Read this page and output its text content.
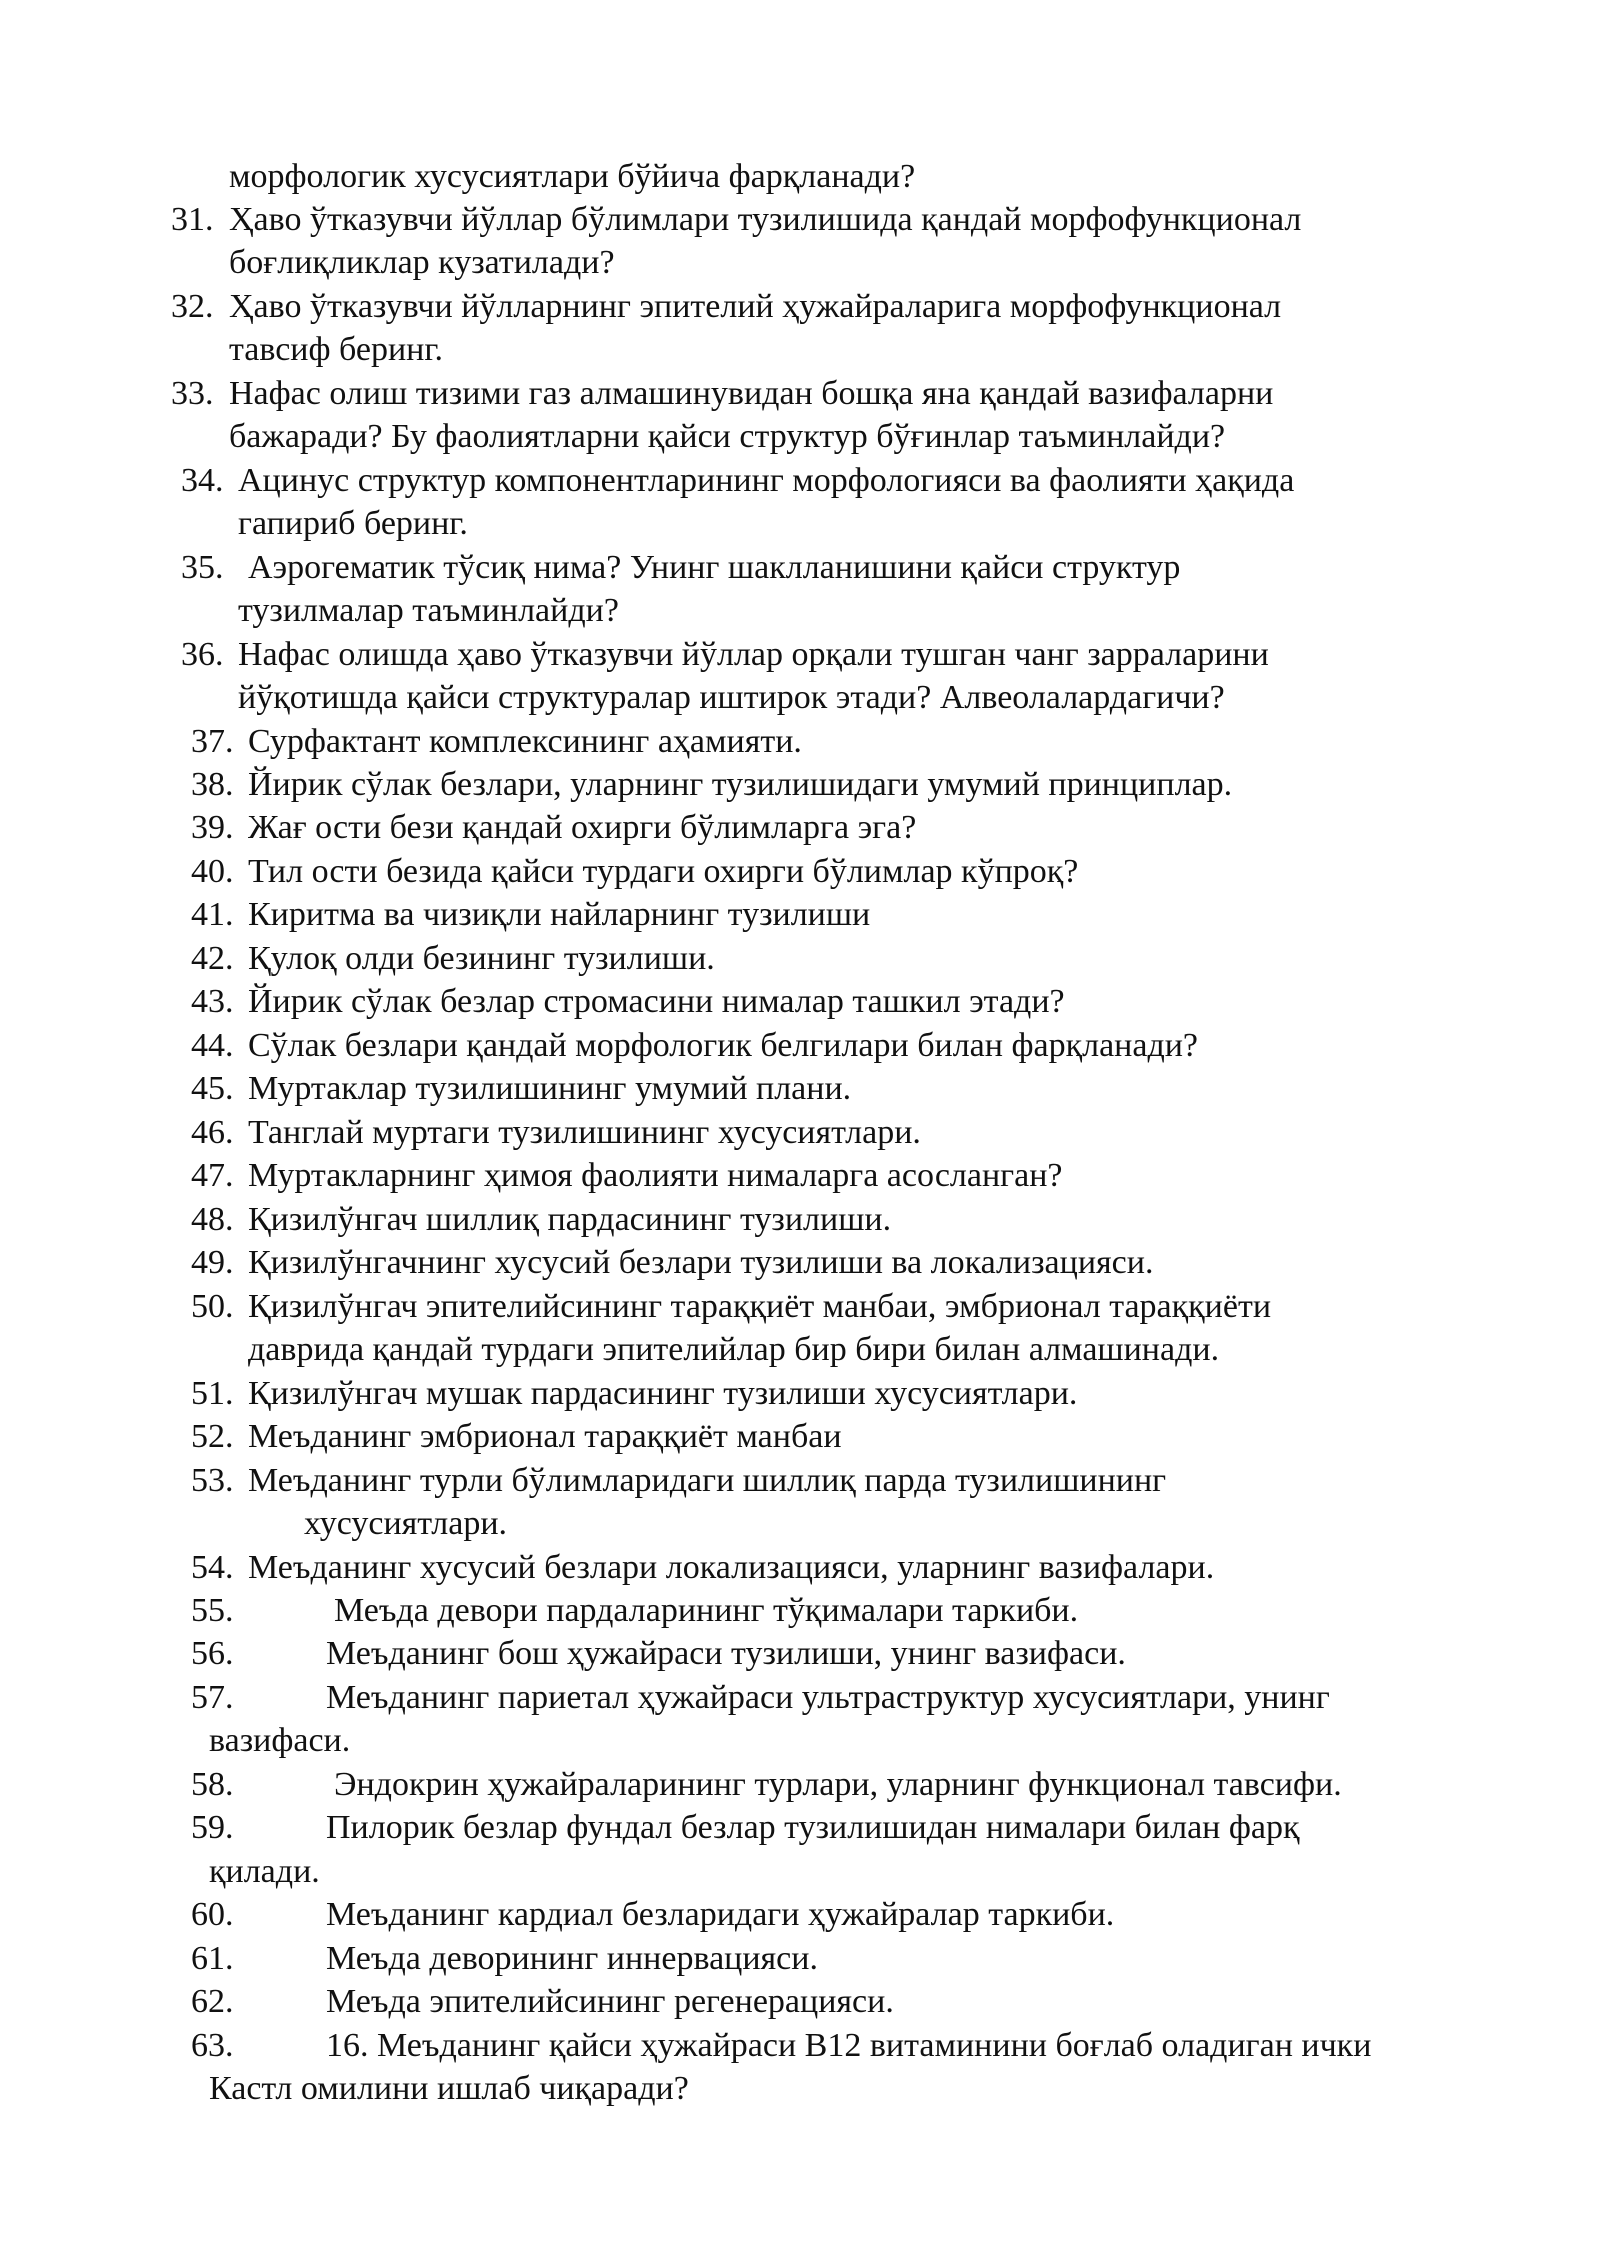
морфологик хусусиятлари бўйича фарқланади?
31. Ҳаво ўтказувчи йўллар бўлимлари тузилишида қандай морфофункционал
боғлиқликлар кузатилади?
32. Ҳаво ўтказувчи йўлларнинг эпителий ҳужайраларига морфофункционал
тавсиф беринг.
33. Нафас олиш тизими газ алмашинувидан бошқа яна қандай вазифаларни
бажаради? Бу фаолиятларни қайси структур бўғинлар таъминлайди?
34. Ацинус структур компонентларининг морфологияси ва фаолияти ҳақида
гапириб беринг.
35. Аэрогематик тўсиқ нима? Унинг шаклланишини қайси структур
тузилмалар таъминлайди?
36. Нафас олишда ҳаво ўтказувчи йўллар орқали тушган чанг зарраларини
йўқотишда қайси структуралар иштирок этади? Алвеолалардагичи?
37. Сурфактант комплексининг аҳамияти.
38. Йирик сўлак безлари, уларнинг тузилишидаги умумий принциплар.
39. Жағ ости бези қандай охирги бўлимларга эга?
40. Тил ости безида қайси турдаги охирги бўлимлар кўпроқ?
41. Киритма ва чизиқли найларнинг тузилиши
42. Қулоқ олди безининг тузилиши.
43. Йирик сўлак безлар стромасини нималар ташкил этади?
44. Сўлак безлари қандай морфологик белгилари билан фарқланади?
45. Муртаклар тузилишининг умумий плани.
46. Танглай муртаги тузилишининг хусусиятлари.
47. Муртакларнинг ҳимоя фаолияти нималарга асосланган?
48. Қизилўнгач шиллиқ пардасининг тузилиши.
49. Қизилўнгачнинг хусусий безлари тузилиши ва локализацияси.
50. Қизилўнгач эпителийсининг тараққиёт манбаи, эмбрионал тараққиёти
даврида қандай турдаги эпителийлар бир бири билан алмашинади.
51. Қизилўнгач мушак пардасининг тузилиши хусусиятлари.
52. Меъданинг эмбрионал тараққиёт манбаи
53. Меъданинг турли бўлимларидаги шиллиқ парда тузилишининг
хусусиятлари.
54. Меъданинг хусусий безлари локализацияси, уларнинг вазифалари.
55.	Меъда девори пардаларининг тўқималари таркиби.
56.	Меъданинг бош ҳужайраси тузилиши, унинг вазифаси.
57.	Меъданинг париетал ҳужайраси ультраструктур хусусиятлари, унинг
вазифаси.
58.	Эндокрин ҳужайраларининг турлари, уларнинг функционал тавсифи.
59.	Пилорик безлар фундал безлар тузилишидан нималари билан фарқ
қилади.
60.	Меъданинг кардиал безларидаги ҳужайралар таркиби.
61.	Меъда деворининг иннервацияси.
62.	Меъда эпителийсининг регенерацияси.
63.	16. Меъданинг қайси ҳужайраси В12 витаминини боғлаб оладиган ички
Кастл омилини ишлаб чиқаради?
